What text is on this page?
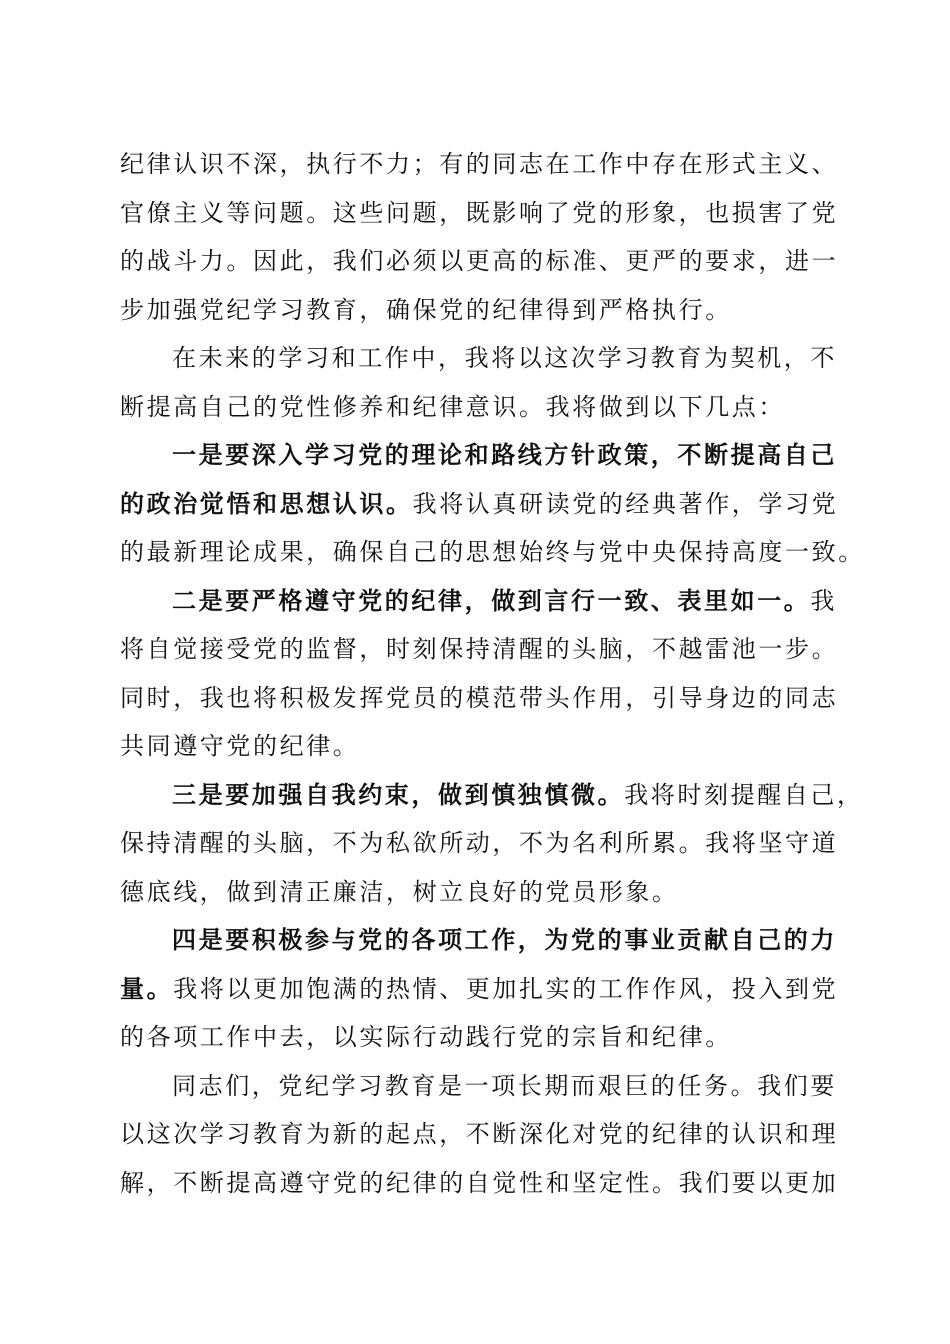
纪律认识不深，执行不力；有的同志在工作中存在形式主义、
官僚主义等问题。这些问题，既影响了党的形象，也损害了党
的战斗力。因此，我们必须以更高的标准、更严的要求，进一
步加强党纪学习教育，确保党的纪律得到严格执行。

在未来的学习和工作中，我将以这次学习教育为契机，不
断提高自己的党性修养和纪律意识。我将做到以下几点：

一是要深入学习党的理论和路线方针政策，不断提高自己
的政治觉悟和思想认识。我将认真研读党的经典著作，学习党
的最新理论成果，确保自己的思想始终与党中央保持高度一致。

二是要严格遵守党的纪律，做到言行一致、表里如一。我
将自觉接受党的监督，时刻保持清醒的头脑，不越雷池一步。
同时，我也将积极发挥党员的模范带头作用，引导身边的同志
共同遵守党的纪律。

三是要加强自我约束，做到慎独慎微。我将时刻提醒自己，
保持清醒的头脑，不为私欲所动，不为名利所累。我将坚守道
德底线，做到清正廉洁，树立良好的党员形象。

四是要积极参与党的各项工作，为党的事业贡献自己的力
量。我将以更加饱满的热情、更加扎实的工作作风，投入到党
的各项工作中去，以实际行动践行党的宗旨和纪律。

同志们，党纪学习教育是一项长期而艰巨的任务。我们要
以这次学习教育为新的起点，不断深化对党的纪律的认识和理
解，不断提高遵守党的纪律的自觉性和坚定性。我们要以更加
